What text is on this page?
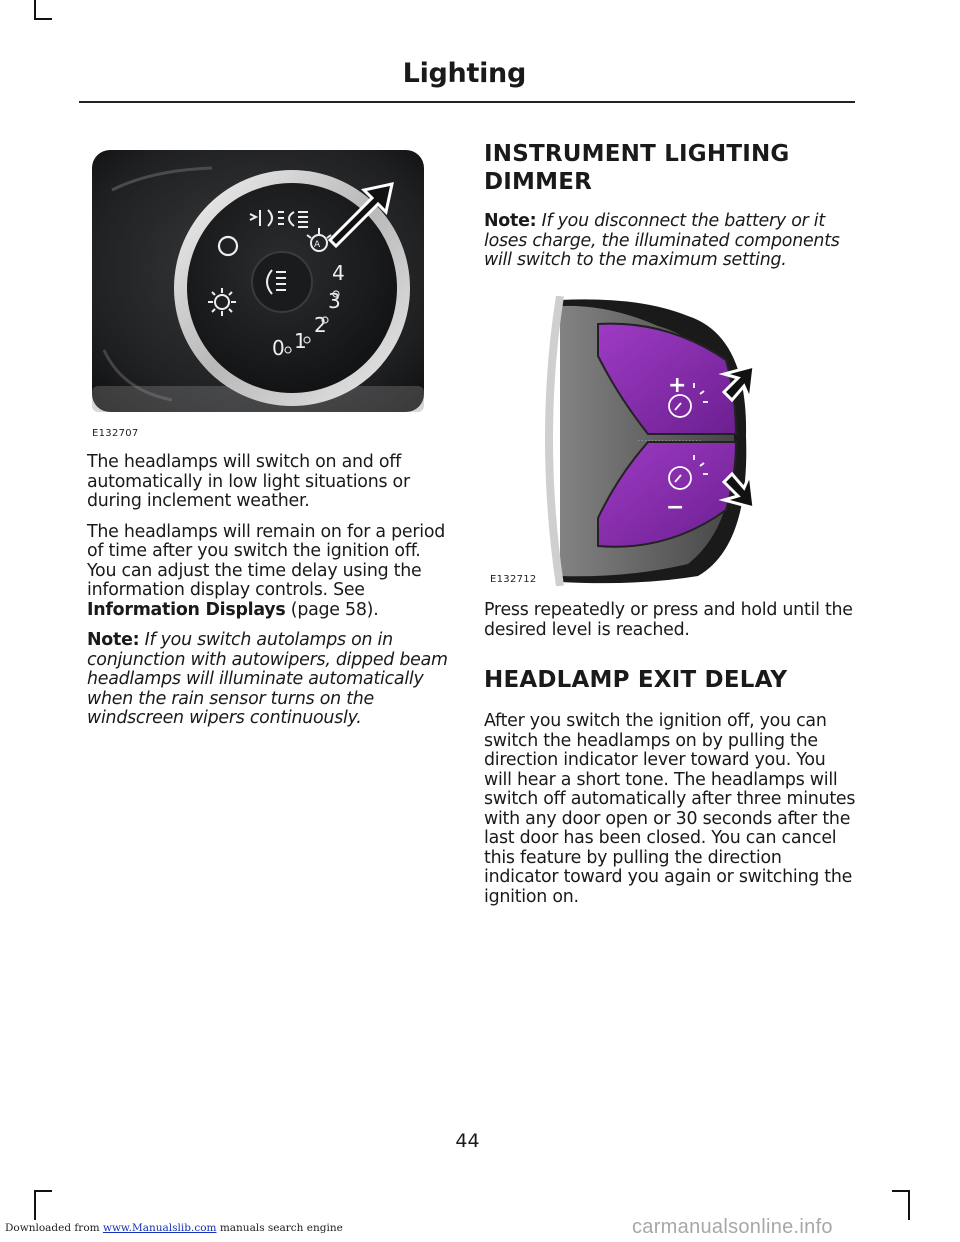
Lighting
A
0 1
2
3
4
E132707

The headlamps will switch on and off automatically in low light situations or during inclement weather.

The headlamps will remain on for a period of time after you switch the ignition off. You can adjust the time delay using the information display controls. See Information Displays (page 58).

Note: If you switch autolamps on in conjunction with autowipers, dipped beam headlamps will illuminate automatically when the rain sensor turns on the windscreen wipers continuously.

INSTRUMENT LIGHTING
DIMMER

Note: If you disconnect the battery or it loses charge, the illuminated components will switch to the maximum setting.

+
−
- - - - - - - - - - - - - - - - - - -
E132712

Press repeatedly or press and hold until the desired level is reached.

HEADLAMP EXIT DELAY

After you switch the ignition off, you can switch the headlamps on by pulling the direction indicator lever toward you. You will hear a short tone. The headlamps will switch off automatically after three minutes with any door open or 30 seconds after the last door has been closed. You can cancel this feature by pulling the direction indicator toward you again or switching the ignition on.

44
Downloaded from www.Manualslib.com manuals search engine	carmanualsonline.info
